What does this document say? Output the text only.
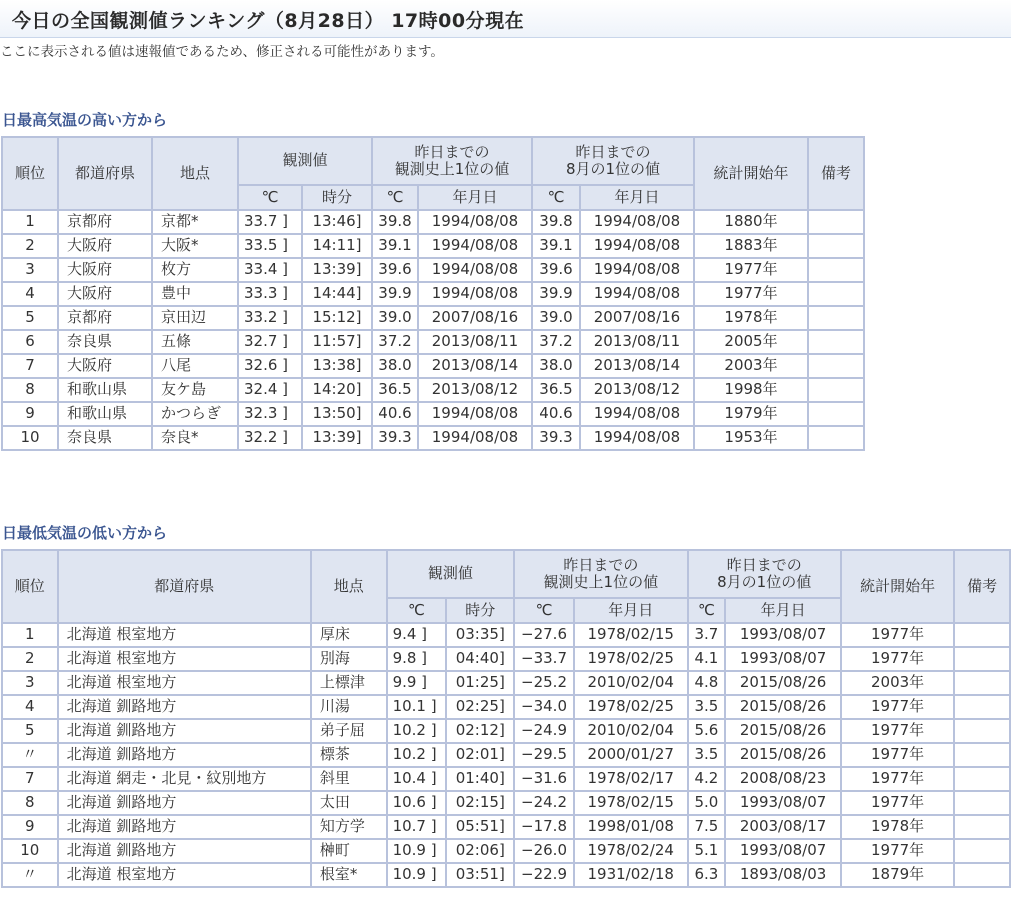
今日の全国観測値ランキング（8月28日） 17時00分現在
ここに表示される値は速報値であるため、修正される可能性があります。
日最高気温の高い方から
順位	都道府県	地点	観測値		昨日までの
観測史上1位の値		昨日までの
8月の1位の値		統計開始年	備考
			℃	時分	℃	年月日	℃	年月日		
1	京都府	京都*	33.7 ]	13:46]	39.8	1994/08/08	39.8	1994/08/08	1880年	
2	大阪府	大阪*	33.5 ]	14:11]	39.1	1994/08/08	39.1	1994/08/08	1883年	
3	大阪府	枚方	33.4 ]	13:39]	39.6	1994/08/08	39.6	1994/08/08	1977年	
4	大阪府	豊中	33.3 ]	14:44]	39.9	1994/08/08	39.9	1994/08/08	1977年	
5	京都府	京田辺	33.2 ]	15:12]	39.0	2007/08/16	39.0	2007/08/16	1978年	
6	奈良県	五條	32.7 ]	11:57]	37.2	2013/08/11	37.2	2013/08/11	2005年	
7	大阪府	八尾	32.6 ]	13:38]	38.0	2013/08/14	38.0	2013/08/14	2003年	
8	和歌山県	友ケ島	32.4 ]	14:20]	36.5	2013/08/12	36.5	2013/08/12	1998年	
9	和歌山県	かつらぎ	32.3 ]	13:50]	40.6	1994/08/08	40.6	1994/08/08	1979年	
10	奈良県	奈良*	32.2 ]	13:39]	39.3	1994/08/08	39.3	1994/08/08	1953年	
日最低気温の低い方から
順位	都道府県	地点	観測値		昨日までの
観測史上1位の値		昨日までの
8月の1位の値		統計開始年	備考
			℃	時分	℃	年月日	℃	年月日		
1	北海道 根室地方	厚床	9.4 ]	03:35]	−27.6	1978/02/15	3.7	1993/08/07	1977年	
2	北海道 根室地方	別海	9.8 ]	04:40]	−33.7	1978/02/25	4.1	1993/08/07	1977年	
3	北海道 根室地方	上標津	9.9 ]	01:25]	−25.2	2010/02/04	4.8	2015/08/26	2003年	
4	北海道 釧路地方	川湯	10.1 ]	02:25]	−34.0	1978/02/25	3.5	2015/08/26	1977年	
5	北海道 釧路地方	弟子屈	10.2 ]	02:12]	−24.9	2010/02/04	5.6	2015/08/26	1977年	
〃	北海道 釧路地方	標茶	10.2 ]	02:01]	−29.5	2000/01/27	3.5	2015/08/26	1977年	
7	北海道 網走・北見・紋別地方	斜里	10.4 ]	01:40]	−31.6	1978/02/17	4.2	2008/08/23	1977年	
8	北海道 釧路地方	太田	10.6 ]	02:15]	−24.2	1978/02/15	5.0	1993/08/07	1977年	
9	北海道 釧路地方	知方学	10.7 ]	05:51]	−17.8	1998/01/08	7.5	2003/08/17	1978年	
10	北海道 釧路地方	榊町	10.9 ]	02:06]	−26.0	1978/02/24	5.1	1993/08/07	1977年	
〃	北海道 根室地方	根室*	10.9 ]	03:51]	−22.9	1931/02/18	6.3	1893/08/03	1879年	
